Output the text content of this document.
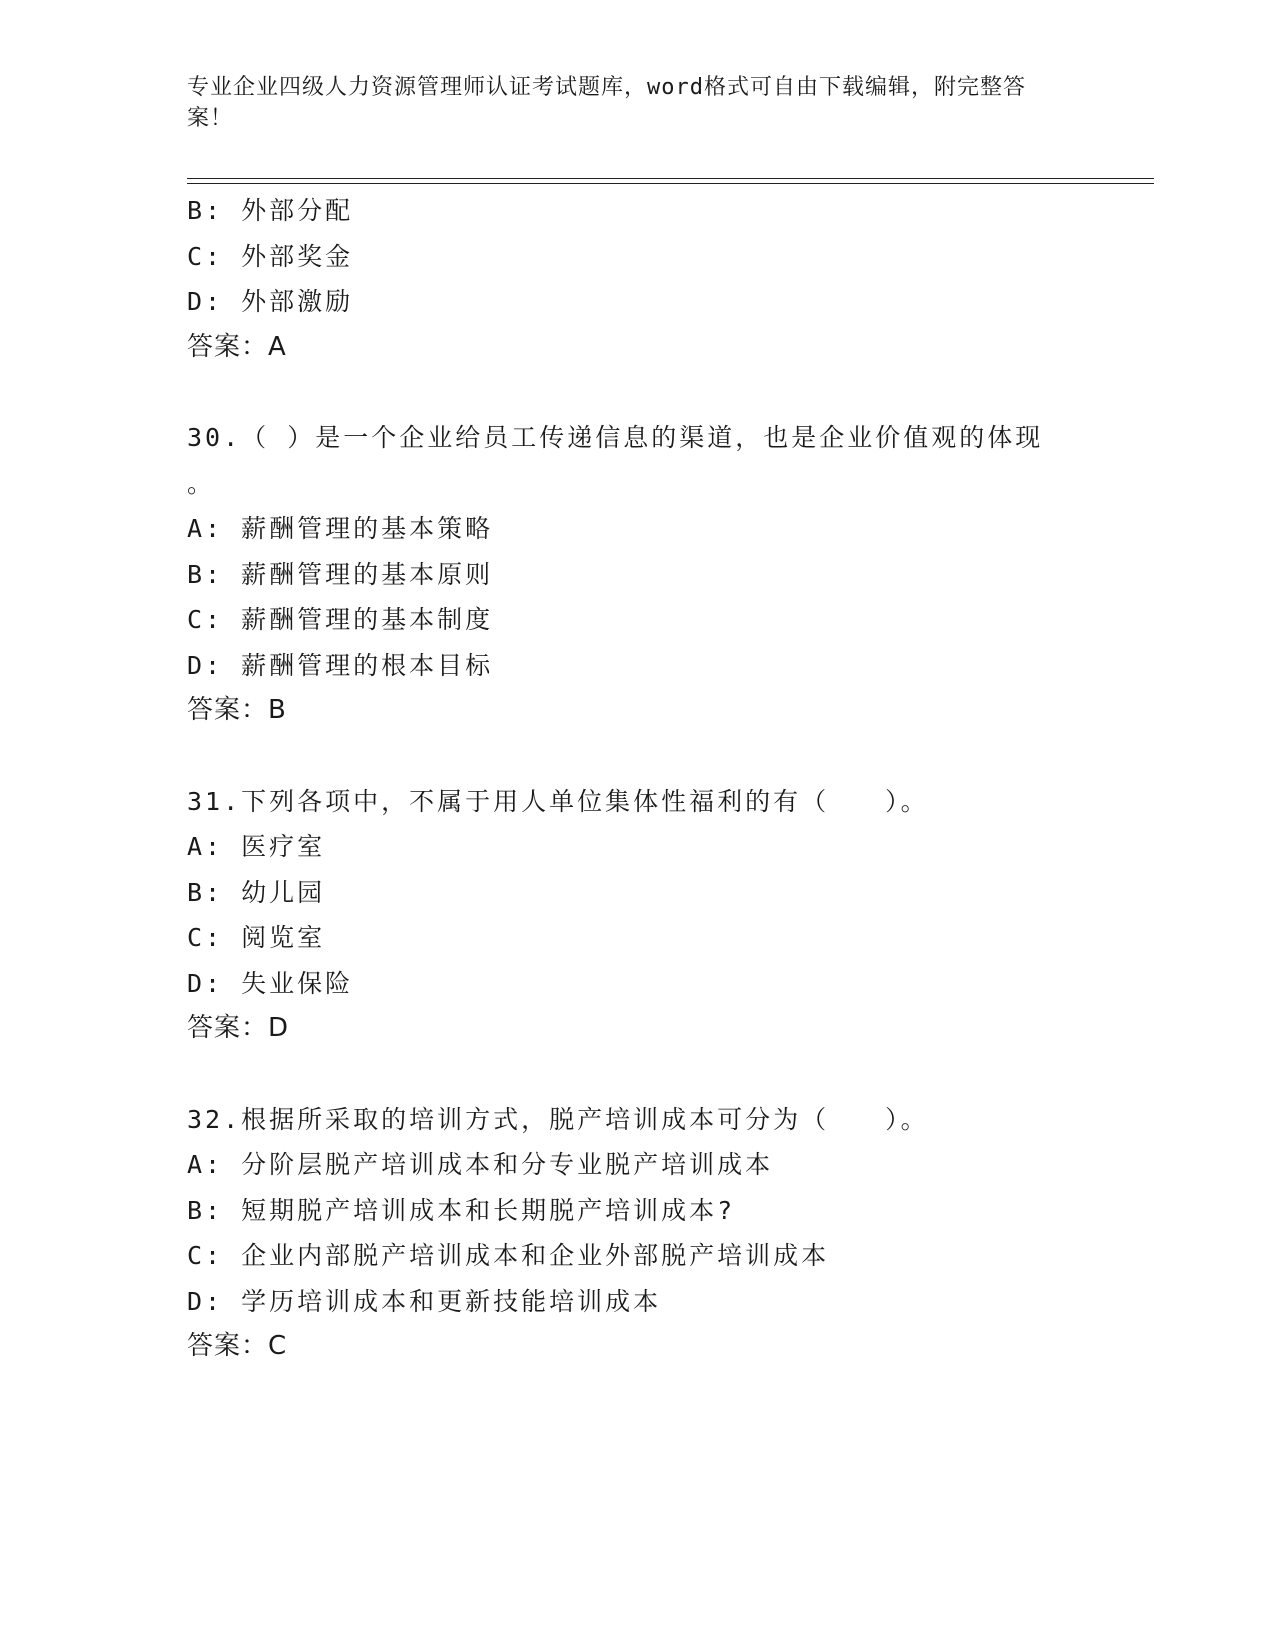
专业企业四级人力资源管理师认证考试题库，word格式可自由下载编辑，附完整答案！
B: 外部分配
C: 外部奖金
D: 外部激励
答案：A
30.（ ）是一个企业给员工传递信息的渠道，也是企业价值观的体现
。
A: 薪酬管理的基本策略
B: 薪酬管理的基本原则
C: 薪酬管理的基本制度
D: 薪酬管理的根本目标
答案：B
31.下列各项中，不属于用人单位集体性福利的有（　　）。
A: 医疗室
B: 幼儿园
C: 阅览室
D: 失业保险
答案：D
32.根据所采取的培训方式，脱产培训成本可分为（　　）。
A: 分阶层脱产培训成本和分专业脱产培训成本
B: 短期脱产培训成本和长期脱产培训成本?
C: 企业内部脱产培训成本和企业外部脱产培训成本
D: 学历培训成本和更新技能培训成本
答案：C
